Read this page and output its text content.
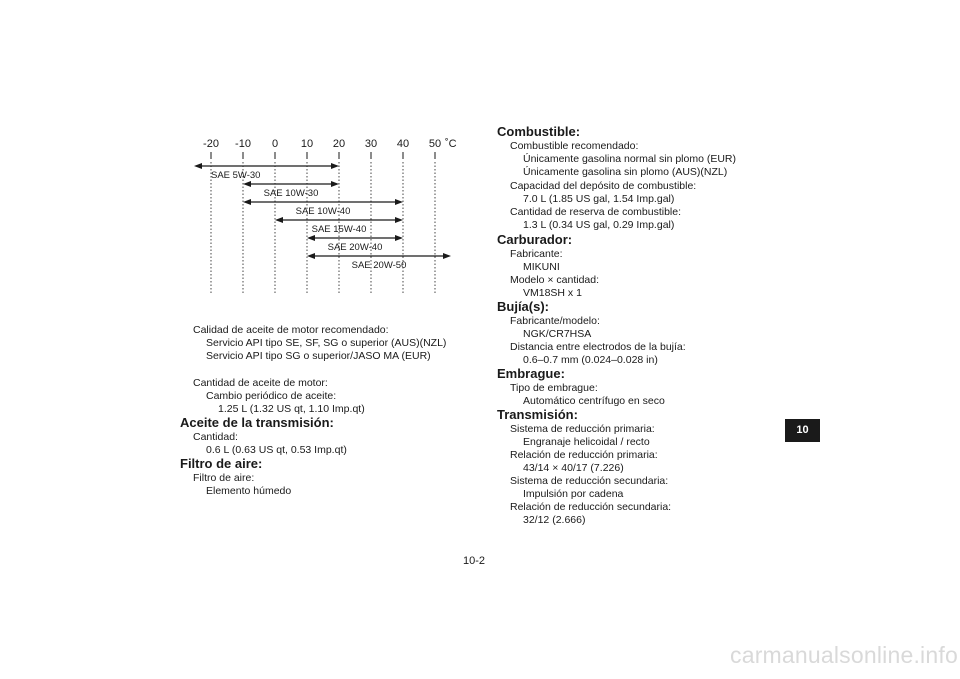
-20 -10 0 10 20 30 40 50 ˚C
SAE 5W-30
SAE 10W-30
SAE 10W-40
SAE 15W-40
SAE 20W-40
SAE 20W-50
Calidad de aceite de motor recomendado:
Servicio API tipo SE, SF, SG o superior (AUS)(NZL)
Servicio API tipo SG o superior/JASO MA (EUR)
Cantidad de aceite de motor:
Cambio periódico de aceite:
1.25 L (1.32 US qt, 1.10 Imp.qt)
Aceite de la transmisión:
Cantidad:
0.6 L (0.63 US qt, 0.53 Imp.qt)
Filtro de aire:
Filtro de aire:
Elemento húmedo
Combustible:
Combustible recomendado:
Únicamente gasolina normal sin plomo (EUR)
Únicamente gasolina sin plomo (AUS)(NZL)
Capacidad del depósito de combustible:
7.0 L (1.85 US gal, 1.54 Imp.gal)
Cantidad de reserva de combustible:
1.3 L (0.34 US gal, 0.29 Imp.gal)
Carburador:
Fabricante:
MIKUNI
Modelo × cantidad:
VM18SH x 1
Bujía(s):
Fabricante/modelo:
NGK/CR7HSA
Distancia entre electrodos de la bujía:
0.6–0.7 mm (0.024–0.028 in)
Embrague:
Tipo de embrague:
Automático centrífugo en seco
Transmisión:
Sistema de reducción primaria:
Engranaje helicoidal / recto
Relación de reducción primaria:
43/14 × 40/17 (7.226)
Sistema de reducción secundaria:
Impulsión por cadena
Relación de reducción secundaria:
32/12 (2.666)
10
10-2
carmanualsonline.info
